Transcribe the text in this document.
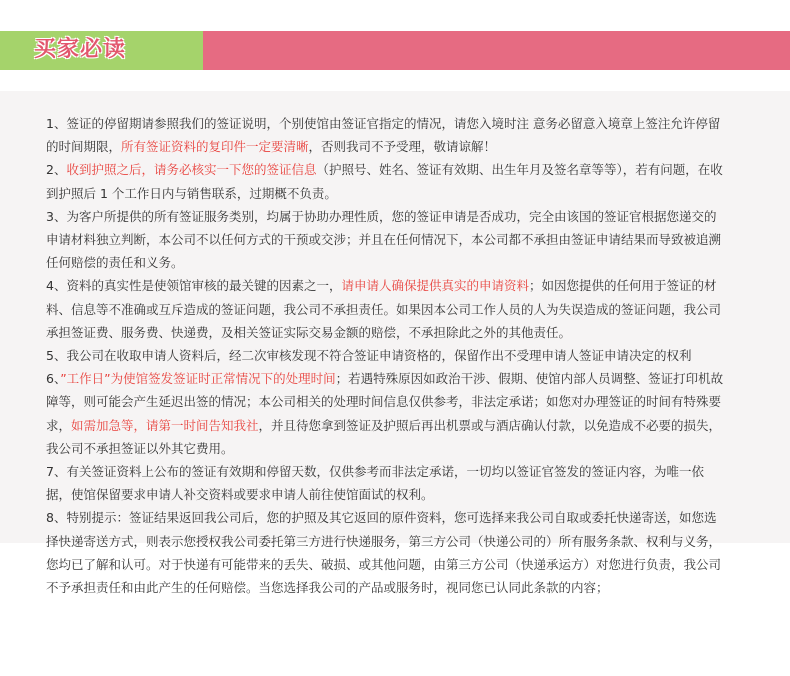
买家必读

1、签证的停留期请参照我们的签证说明，个别使馆由签证官指定的情况，请您入境时注 意务必留意入境章上签注允许停留的时间期限，所有签证资料的复印件一定要清晰，否则我司不予受理，敬请谅解！

2、收到护照之后，请务必核实一下您的签证信息（护照号、姓名、签证有效期、出生年月及签名章等等），若有问题，在收到护照后 1 个工作日内与销售联系，过期概不负责。

3、为客户所提供的所有签证服务类别，均属于协助办理性质，您的签证申请是否成功，完全由该国的签证官根据您递交的申请材料独立判断，本公司不以任何方式的干预或交涉；并且在任何情况下，本公司都不承担由签证申请结果而导致被追溯任何赔偿的责任和义务。

4、资料的真实性是使领馆审核的最关键的因素之一，请申请人确保提供真实的申请资料；如因您提供的任何用于签证的材料、信息等不准确或互斥造成的签证问题，我公司不承担责任。如果因本公司工作人员的人为失误造成的签证问题，我公司承担签证费、服务费、快递费，及相关签证实际交易金额的赔偿，不承担除此之外的其他责任。

5、我公司在收取申请人资料后，经二次审核发现不符合签证申请资格的，保留作出不受理申请人签证申请决定的权利

6、”工作日”为使馆签发签证时正常情况下的处理时间；若遇特殊原因如政治干涉、假期、使馆内部人员调整、签证打印机故障等，则可能会产生延迟出签的情况；本公司相关的处理时间信息仅供参考，非法定承诺；如您对办理签证的时间有特殊要求，如需加急等，请第一时间告知我社，并且待您拿到签证及护照后再出机票或与酒店确认付款，以免造成不必要的损失，我公司不承担签证以外其它费用。

7、有关签证资料上公布的签证有效期和停留天数，仅供参考而非法定承诺，一切均以签证官签发的签证内容，为唯一依据，使馆保留要求申请人补交资料或要求申请人前往使馆面试的权利。

8、特别提示：签证结果返回我公司后，您的护照及其它返回的原件资料，您可选择来我公司自取或委托快递寄送，如您选择快递寄送方式，则表示您授权我公司委托第三方进行快递服务，第三方公司（快递公司的）所有服务条款、权利与义务，您均已了解和认可。对于快递有可能带来的丢失、破损、或其他问题，由第三方公司（快递承运方）对您进行负责，我公司不予承担责任和由此产生的任何赔偿。当您选择我公司的产品或服务时，视同您已认同此条款的内容；
